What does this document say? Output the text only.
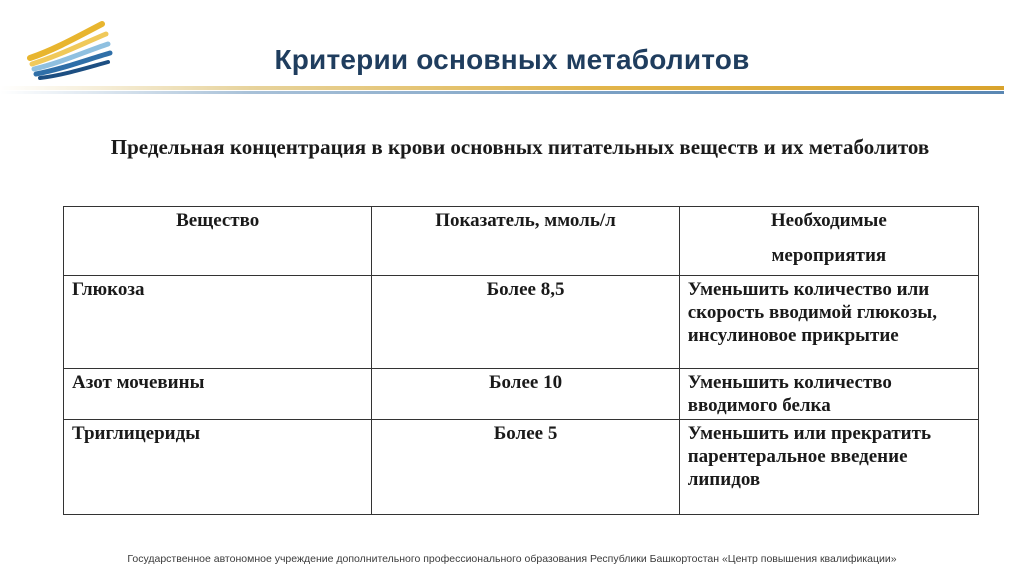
Критерии основных метаболитов
Предельная концентрация в крови основных питательных веществ и их метаболитов
Вещество	Показатель, ммоль/л	Необходимые
мероприятия

Глюкоза	Более 8,5	Уменьшить количество или скорость вводимой глюкозы, инсулиновое прикрытие
Азот мочевины	Более 10	Уменьшить количество вводимого белка
Триглицериды	Более 5	Уменьшить или прекратить парентеральное введение липидов
Государственное автономное учреждение дополнительного профессионального образования Республики Башкортостан «Центр повышения квалификации»
